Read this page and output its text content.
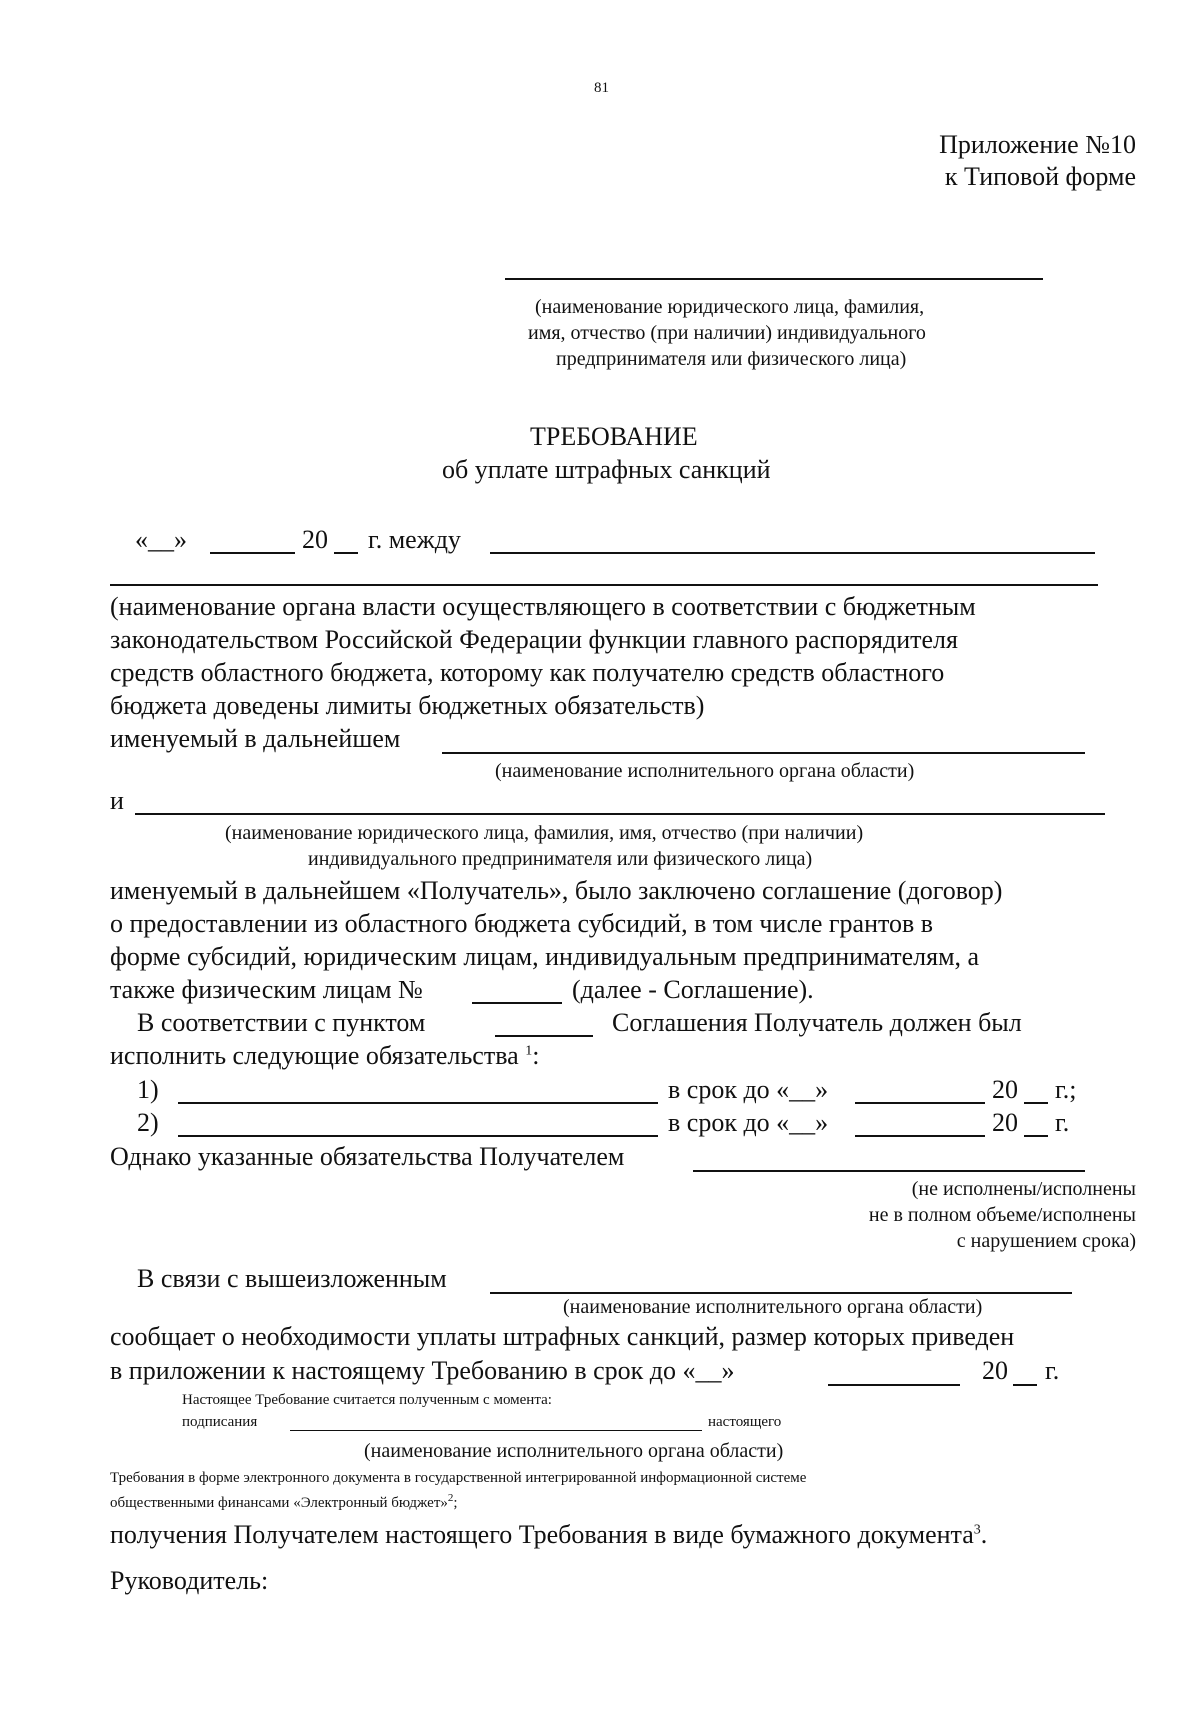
81
Приложение №10
к Типовой форме
(наименование юридического лица, фамилия,
имя, отчество (при наличии) индивидуального
предпринимателя или физического лица)
ТРЕБОВАНИЕ
об уплате штрафных санкций
«__»	20 г. между
(наименование органа власти осуществляющего в соответствии с бюджетным
законодательством Российской Федерации функции главного распорядителя
средств областного бюджета, которому как получателю средств областного
бюджета доведены лимиты бюджетных обязательств)
именуемый в дальнейшем
(наименование исполнительного органа области)
и
(наименование юридического лица, фамилия, имя, отчество (при наличии)
индивидуального предпринимателя или физического лица)
именуемый в дальнейшем «Получатель», было заключено соглашение (договор)
о предоставлении из областного бюджета субсидий, в том числе грантов в
форме субсидий, юридическим лицам, индивидуальным предпринимателям, а
также физическим лицам №	(далее - Соглашение).
В соответствии с пунктом	Соглашения Получатель должен был
исполнить следующие обязательства $^1$:
1)	в срок до «__»	20 г.;
2)	в срок до «__»	20 г.
Однако указанные обязательства Получателем
(не исполнены/исполнены
не в полном объеме/исполнены
с нарушением срока)
В связи с вышеизложенным
(наименование исполнительного органа области)
сообщает о необходимости уплаты штрафных санкций, размер которых приведен
в приложении к настоящему Требованию в срок до «__»	20 г.
Настоящее Требование считается полученным с момента:
подписания	настоящего
(наименование исполнительного органа области)
Требования в форме электронного документа в государственной интегрированной информационной системе
общественными финансами «Электронный бюджет»$^2$;
получения Получателем настоящего Требования в виде бумажного документа$^3$.
Руководитель:
